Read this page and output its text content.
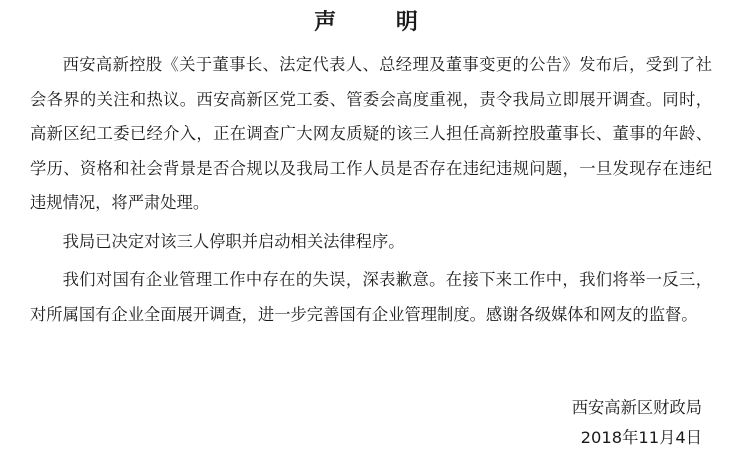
声 明

西安高新控股《关于董事长、法定代表人、总经理及董事变更的公告》发布后，受到了社会各界的关注和热议。西安高新区党工委、管委会高度重视，责令我局立即展开调查。同时，高新区纪工委已经介入，正在调查广大网友质疑的该三人担任高新控股董事长、董事的年龄、学历、资格和社会背景是否合规以及我局工作人员是否存在违纪违规问题，一旦发现存在违纪违规情况，将严肃处理。

我局已决定对该三人停职并启动相关法律程序。

我们对国有企业管理工作中存在的失误，深表歉意。在接下来工作中，我们将举一反三，对所属国有企业全面展开调查，进一步完善国有企业管理制度。感谢各级媒体和网友的监督。

西安高新区财政局
2018年11月4日
